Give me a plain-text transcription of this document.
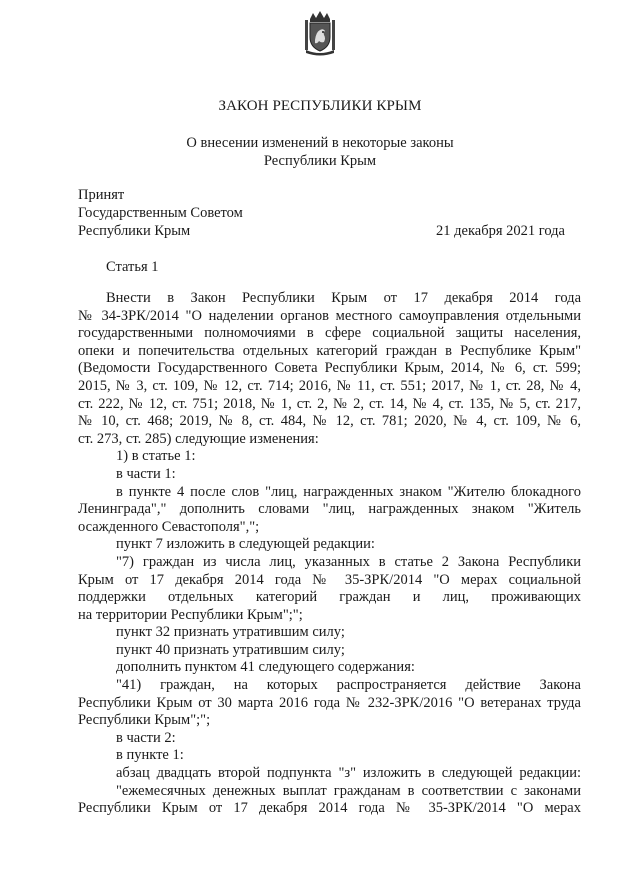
ЗАКОН РЕСПУБЛИКИ КРЫМ
О внесении изменений в некоторые законы
Республики Крым
Принят
Государственным Советом
Республики Крым	21 декабря 2021 года
Статья 1
Внести в Закон Республики Крым от 17 декабря 2014 года
№ 34-ЗРК/2014 "О наделении органов местного самоуправления отдельными
государственными полномочиями в сфере социальной защиты населения,
опеки и попечительства отдельных категорий граждан в Республике Крым"
(Ведомости Государственного Совета Республики Крым, 2014, № 6, ст. 599;
2015, № 3, ст. 109, № 12, ст. 714; 2016, № 11, ст. 551; 2017, № 1, ст. 28, № 4,
ст. 222, № 12, ст. 751; 2018, № 1, ст. 2, № 2, ст. 14, № 4, ст. 135, № 5, ст. 217,
№ 10, ст. 468; 2019, № 8, ст. 484, № 12, ст. 781; 2020, № 4, ст. 109, № 6,
ст. 273, ст. 285) следующие изменения:
1) в статье 1:
в части 1:
в пункте 4 после слов "лиц, награжденных знаком "Жителю блокадного
Ленинграда"," дополнить словами "лиц, награжденных знаком "Житель
осажденного Севастополя",";
пункт 7 изложить в следующей редакции:
"7) граждан из числа лиц, указанных в статье 2 Закона Республики
Крым от 17 декабря 2014 года № 35-ЗРК/2014 "О мерах социальной
поддержки отдельных категорий граждан и лиц, проживающих
на территории Республики Крым";";
пункт 32 признать утратившим силу;
пункт 40 признать утратившим силу;
дополнить пунктом 41 следующего содержания:
"41) граждан, на которых распространяется действие Закона
Республики Крым от 30 марта 2016 года № 232-ЗРК/2016 "О ветеранах труда
Республики Крым";";
в части 2:
в пункте 1:
абзац двадцать второй подпункта "з" изложить в следующей редакции:
"ежемесячных денежных выплат гражданам в соответствии с законами
Республики Крым от 17 декабря 2014 года № 35-ЗРК/2014 "О мерах
